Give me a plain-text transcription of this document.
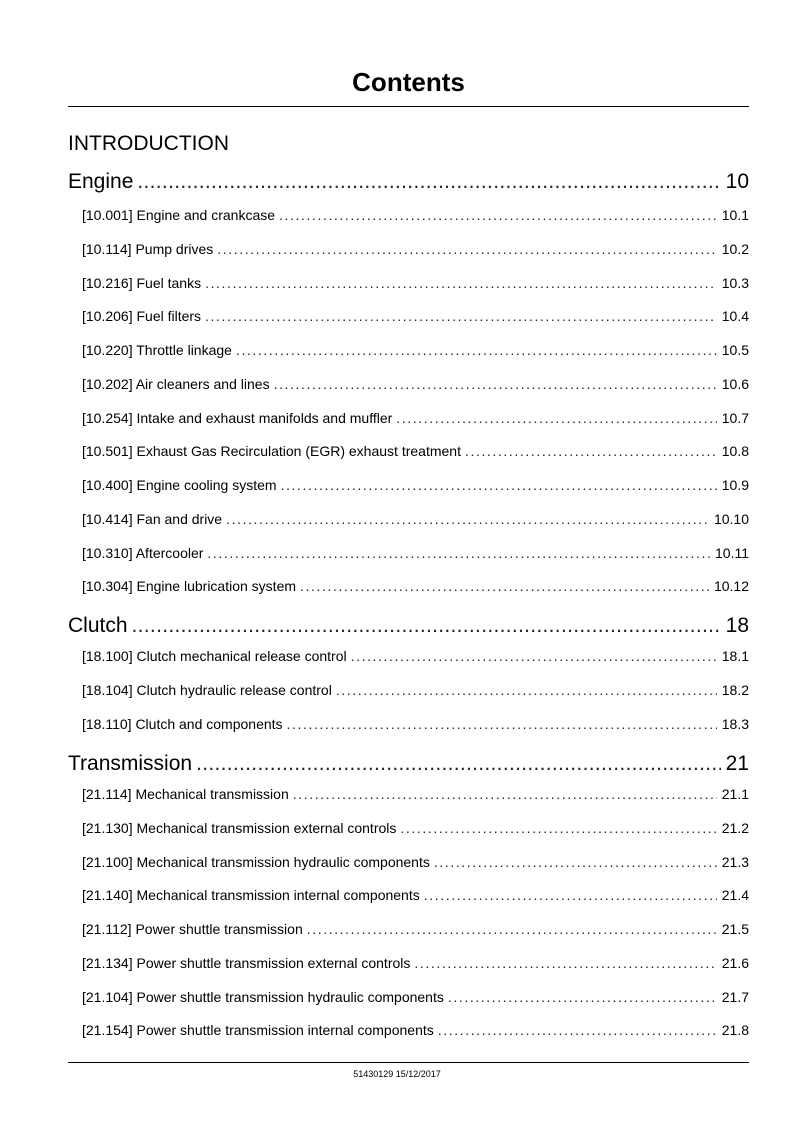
Contents
INTRODUCTION
Engine .....	10
[10.001] Engine and crankcase .....	10.1
[10.114] Pump drives .....	10.2
[10.216] Fuel tanks .....	10.3
[10.206] Fuel filters .....	10.4
[10.220] Throttle linkage .....	10.5
[10.202] Air cleaners and lines .....	10.6
[10.254] Intake and exhaust manifolds and muffler .....	10.7
[10.501] Exhaust Gas Recirculation (EGR) exhaust treatment .....	10.8
[10.400] Engine cooling system .....	10.9
[10.414] Fan and drive .....	10.10
[10.310] Aftercooler .....	10.11
[10.304] Engine lubrication system .....	10.12
Clutch .....	18
[18.100] Clutch mechanical release control .....	18.1
[18.104] Clutch hydraulic release control .....	18.2
[18.110] Clutch and components .....	18.3
Transmission .....	21
[21.114] Mechanical transmission .....	21.1
[21.130] Mechanical transmission external controls .....	21.2
[21.100] Mechanical transmission hydraulic components .....	21.3
[21.140] Mechanical transmission internal components .....	21.4
[21.112] Power shuttle transmission .....	21.5
[21.134] Power shuttle transmission external controls .....	21.6
[21.104] Power shuttle transmission hydraulic components .....	21.7
[21.154] Power shuttle transmission internal components .....	21.8
51430129 15/12/2017
